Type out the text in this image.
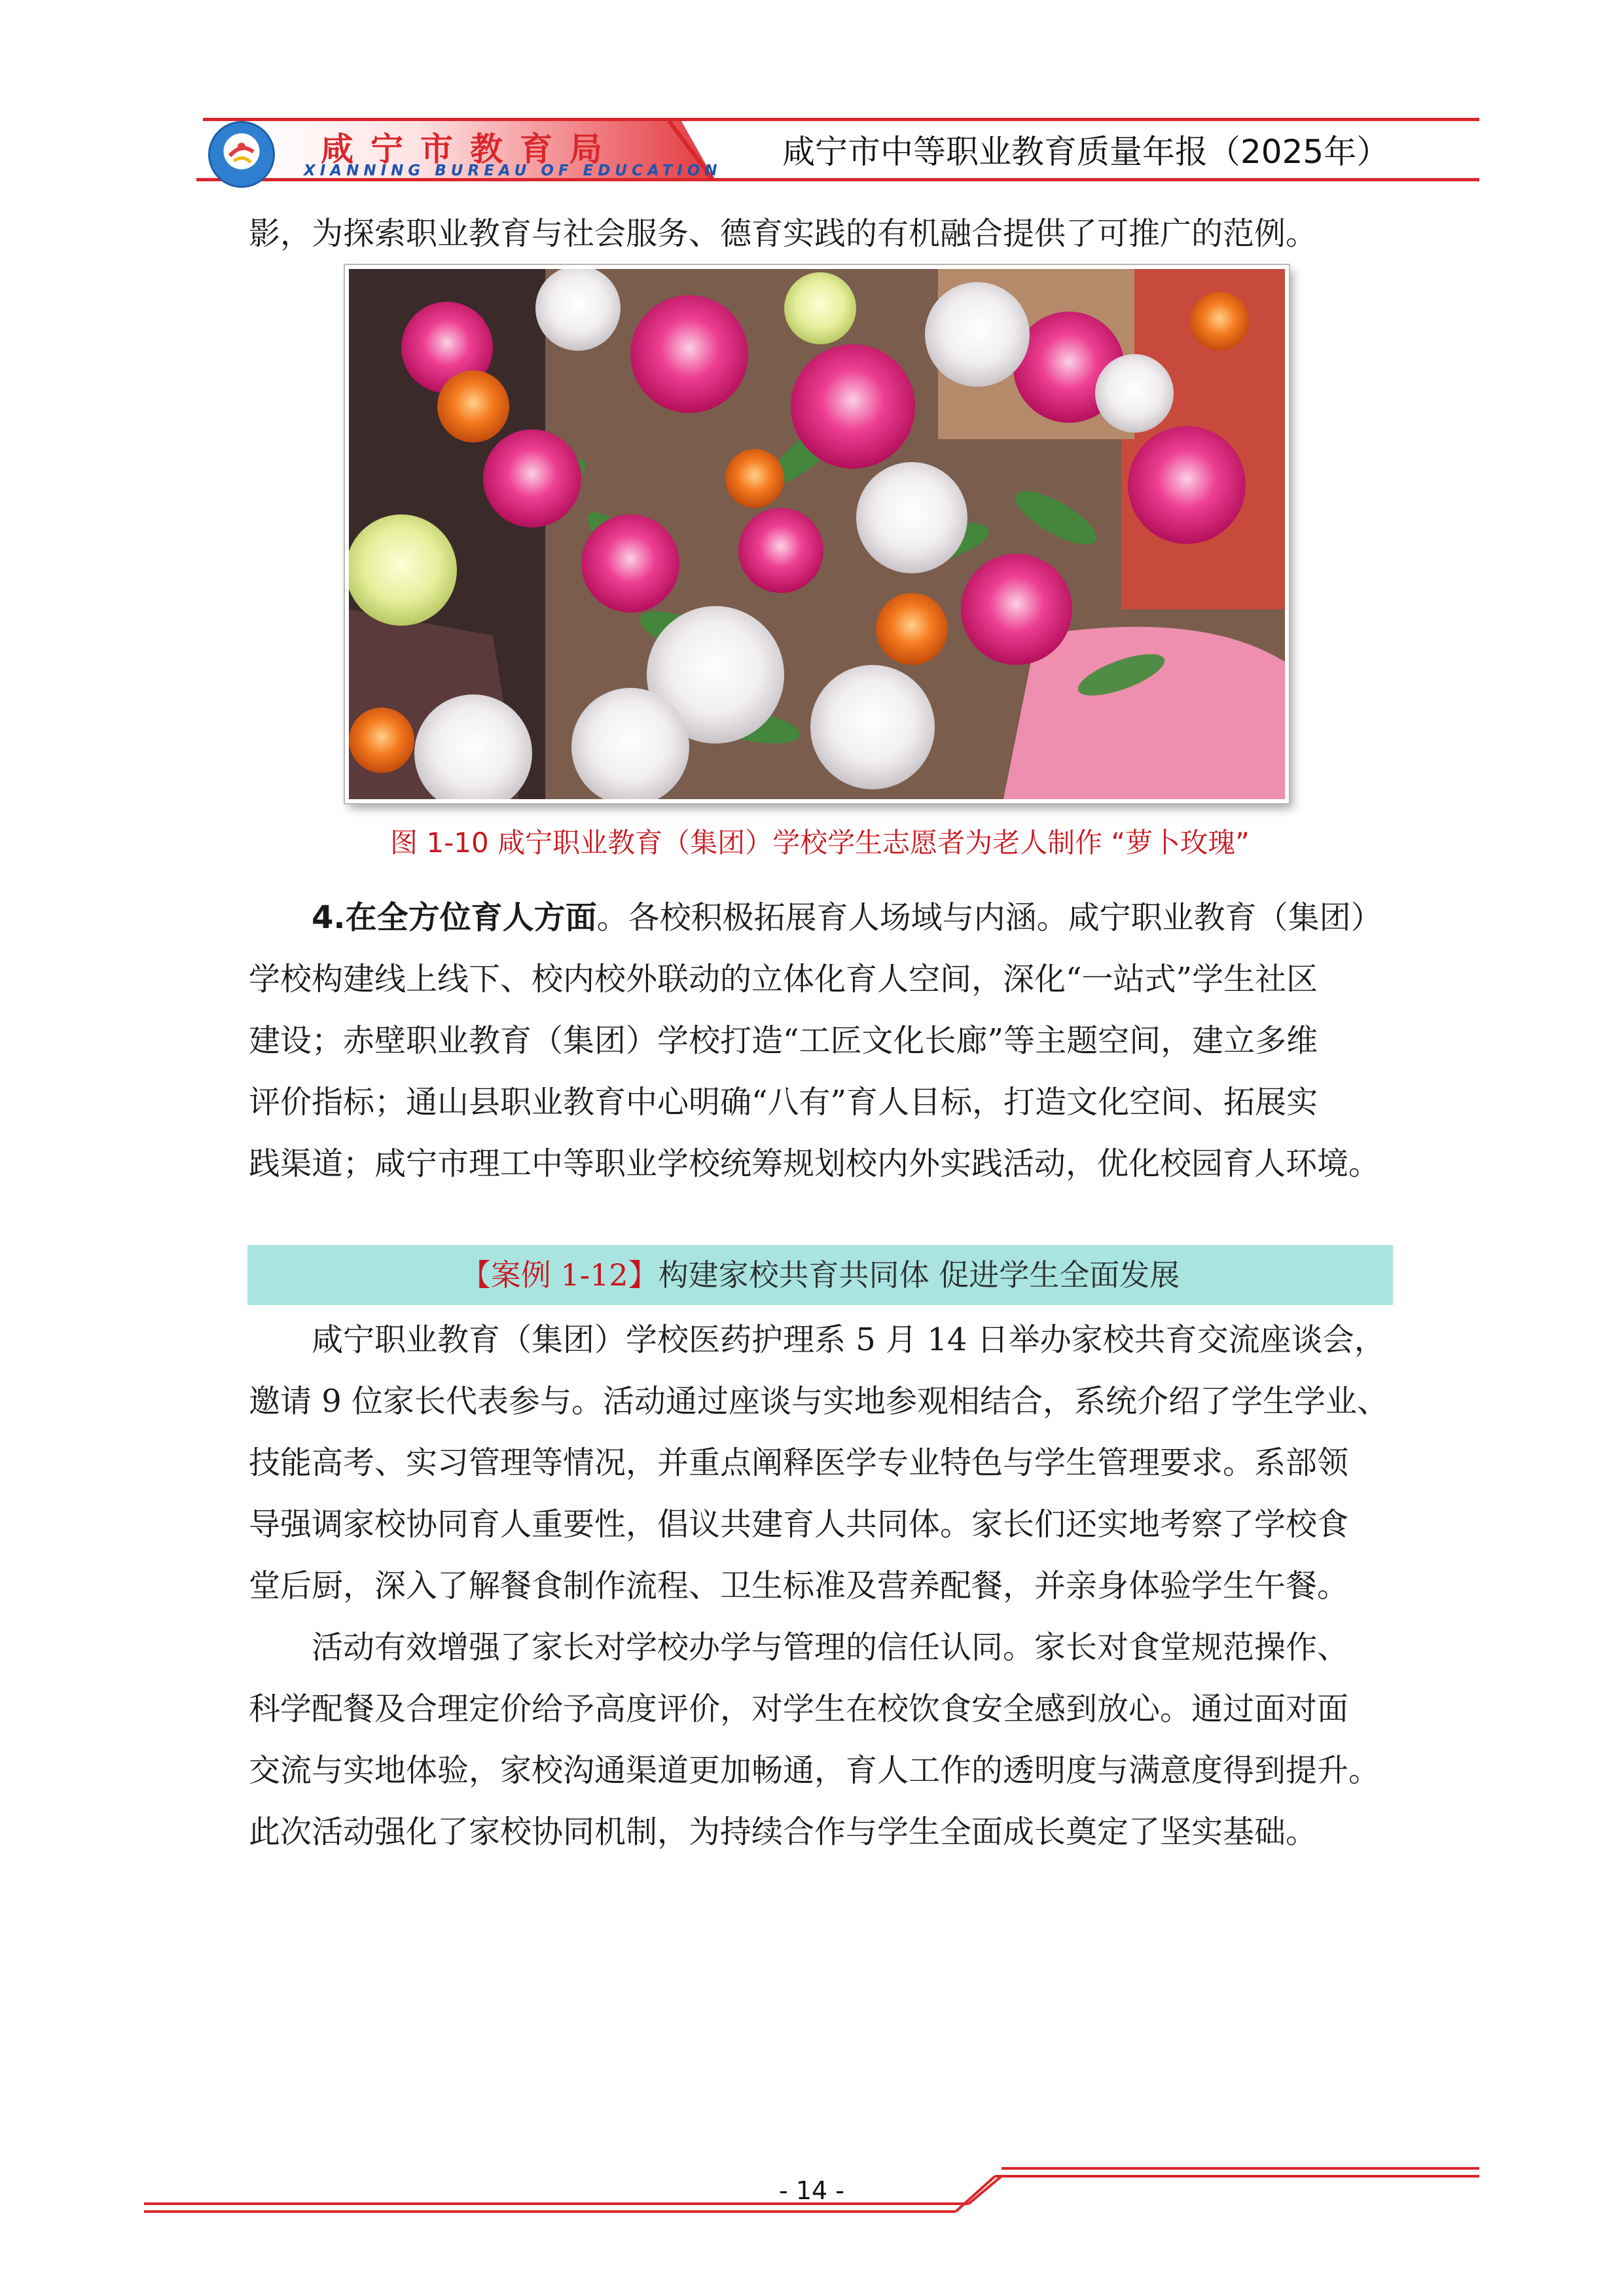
咸宁市教育局
XIANNING BUREAU OF EDUCATION 咸宁市中等职业教育质量年报（2025年）
影，为探索职业教育与社会服务、德育实践的有机融合提供了可推广的范例。
图 1-10 咸宁职业教育（集团）学校学生志愿者为老人制作 “萝卜玫瑰”
4.在全方位育人方面。各校积极拓展育人场域与内涵。咸宁职业教育（集团）
学校构建线上线下、校内校外联动的立体化育人空间，深化“一站式”学生社区
建设；赤壁职业教育（集团）学校打造“工匠文化长廊”等主题空间，建立多维
评价指标；通山县职业教育中心明确“八有”育人目标，打造文化空间、拓展实
践渠道；咸宁市理工中等职业学校统筹规划校内外实践活动，优化校园育人环境。
【案例 1-12】构建家校共育共同体 促进学生全面发展
咸宁职业教育（集团）学校医药护理系 5 月 14 日举办家校共育交流座谈会，
邀请 9 位家长代表参与。活动通过座谈与实地参观相结合，系统介绍了学生学业、
技能高考、实习管理等情况，并重点阐释医学专业特色与学生管理要求。系部领
导强调家校协同育人重要性，倡议共建育人共同体。家长们还实地考察了学校食
堂后厨，深入了解餐食制作流程、卫生标准及营养配餐，并亲身体验学生午餐。
活动有效增强了家长对学校办学与管理的信任认同。家长对食堂规范操作、
科学配餐及合理定价给予高度评价，对学生在校饮食安全感到放心。通过面对面
交流与实地体验，家校沟通渠道更加畅通，育人工作的透明度与满意度得到提升。
此次活动强化了家校协同机制，为持续合作与学生全面成长奠定了坚实基础。
- 14 -
